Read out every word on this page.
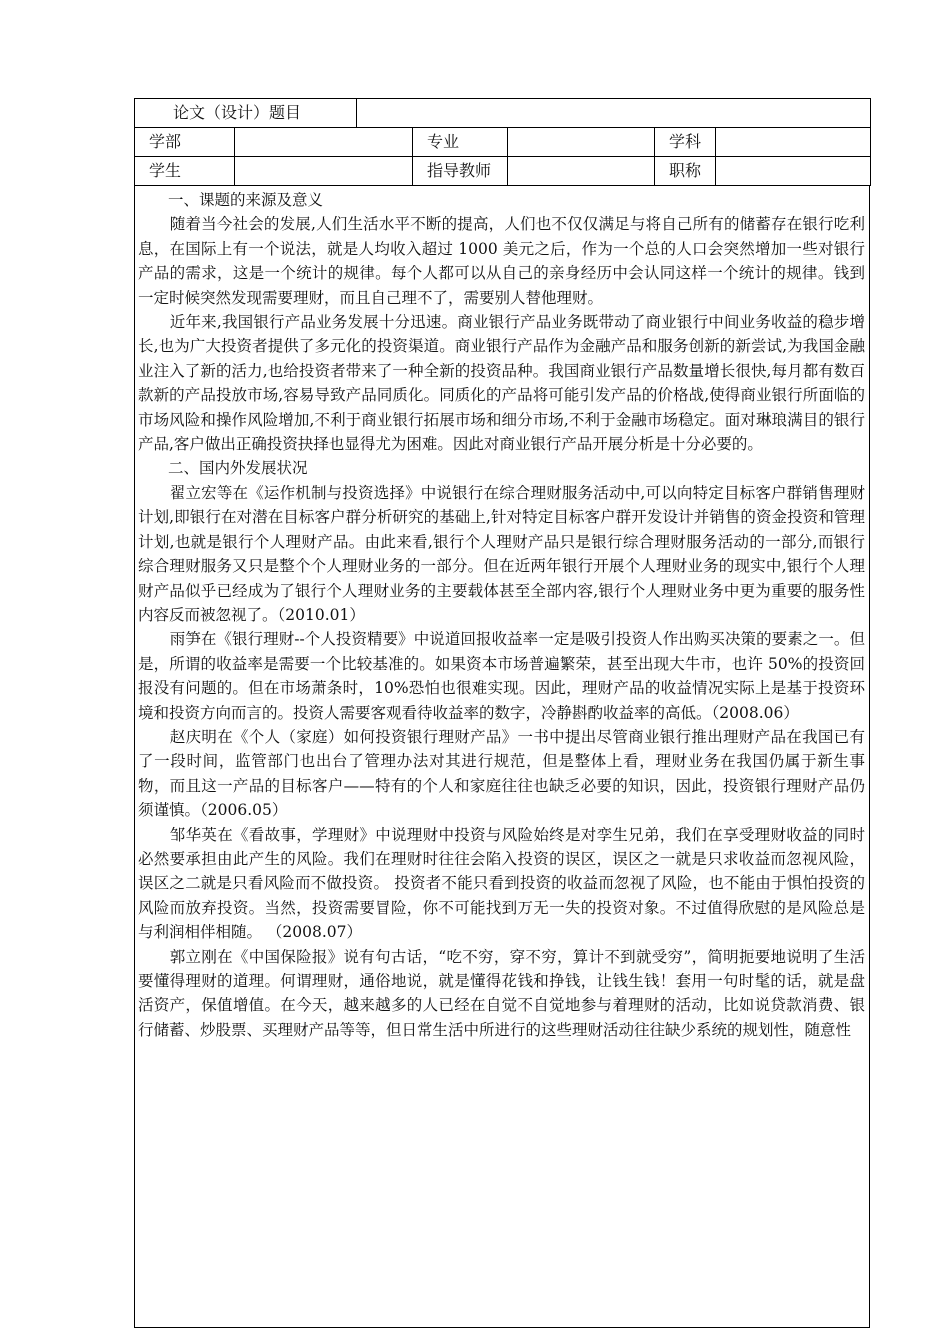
论文（设计）题目						
学部			专业		学科	
学生			指导教师		职称	
一、课题的来源及意义

随着当今社会的发展,人们生活水平不断的提高，人们也不仅仅满足与将自己所有的储蓄存在银行吃利息，在国际上有一个说法，就是人均收入超过 1000 美元之后，作为一个总的人口会突然增加一些对银行产品的需求，这是一个统计的规律。每个人都可以从自己的亲身经历中会认同这样一个统计的规律。钱到一定时候突然发现需要理财，而且自己理不了，需要别人替他理财。

近年来,我国银行产品业务发展十分迅速。商业银行产品业务既带动了商业银行中间业务收益的稳步增长,也为广大投资者提供了多元化的投资渠道。商业银行产品作为金融产品和服务创新的新尝试,为我国金融业注入了新的活力,也给投资者带来了一种全新的投资品种。我国商业银行产品数量增长很快,每月都有数百款新的产品投放市场,容易导致产品同质化。同质化的产品将可能引发产品的价格战,使得商业银行所面临的市场风险和操作风险增加,不利于商业银行拓展市场和细分市场,不利于金融市场稳定。面对琳琅满目的银行产品,客户做出正确投资抉择也显得尤为困难。因此对商业银行产品开展分析是十分必要的。

二、国内外发展状况

翟立宏等在《运作机制与投资选择》中说银行在综合理财服务活动中,可以向特定目标客户群销售理财计划,即银行在对潜在目标客户群分析研究的基础上,针对特定目标客户群开发设计并销售的资金投资和管理计划,也就是银行个人理财产品。由此来看,银行个人理财产品只是银行综合理财服务活动的一部分,而银行综合理财服务又只是整个个人理财业务的一部分。但在近两年银行开展个人理财业务的现实中,银行个人理财产品似乎已经成为了银行个人理财业务的主要载体甚至全部内容,银行个人理财业务中更为重要的服务性内容反而被忽视了。（2010.01）

雨笋在《银行理财--个人投资精要》中说道回报收益率一定是吸引投资人作出购买决策的要素之一。但是，所谓的收益率是需要一个比较基准的。如果资本市场普遍繁荣，甚至出现大牛市，也许 50%的投资回报没有问题的。但在市场萧条时，10%恐怕也很难实现。因此，理财产品的收益情况实际上是基于投资环境和投资方向而言的。投资人需要客观看待收益率的数字，冷静斟酌收益率的高低。（2008.06）

赵庆明在《个人（家庭）如何投资银行理财产品》一书中提出尽管商业银行推出理财产品在我国已有了一段时间，监管部门也出台了管理办法对其进行规范，但是整体上看，理财业务在我国仍属于新生事物，而且这一产品的目标客户——特有的个人和家庭往往也缺乏必要的知识，因此，投资银行理财产品仍须谨慎。（2006.05）

邹华英在《看故事，学理财》中说理财中投资与风险始终是对孪生兄弟，我们在享受理财收益的同时必然要承担由此产生的风险。我们在理财时往往会陷入投资的误区，误区之一就是只求收益而忽视风险，误区之二就是只看风险而不做投资。 投资者不能只看到投资的收益而忽视了风险，也不能由于惧怕投资的风险而放弃投资。当然，投资需要冒险，你不可能找到万无一失的投资对象。不过值得欣慰的是风险总是与利润相伴相随。 （2008.07）

郭立刚在《中国保险报》说有句古话，“吃不穷，穿不穷，算计不到就受穷”，简明扼要地说明了生活要懂得理财的道理。何谓理财，通俗地说，就是懂得花钱和挣钱，让钱生钱！套用一句时髦的话，就是盘活资产，保值增值。在今天，越来越多的人已经在自觉不自觉地参与着理财的活动，比如说贷款消费、银行储蓄、炒股票、买理财产品等等，但日常生活中所进行的这些理财活动往往缺少系统的规划性，随意性
